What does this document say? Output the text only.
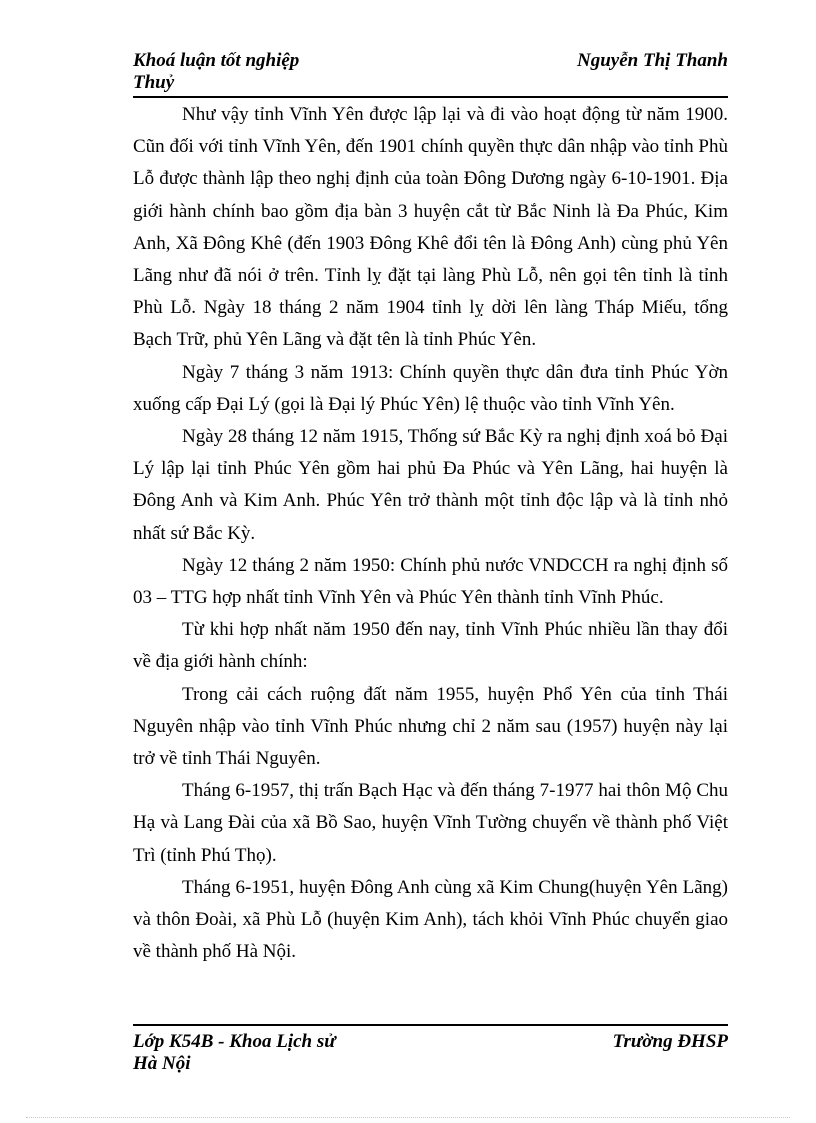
Khoá luận tốt nghiệp
Thuỷ
Nguyễn Thị Thanh

Như vậy tỉnh Vĩnh Yên được lập lại và đi vào hoạt động từ năm 1900. Cũn đối với tỉnh Vĩnh Yên, đến 1901 chính quyền thực dân nhập vào tỉnh Phù Lỗ được thành lập theo nghị định của toàn Đông Dương ngày 6-10-1901. Địa giới hành chính bao gồm địa bàn 3 huyện cắt từ Bắc Ninh là Đa Phúc, Kim Anh, Xã Đông Khê (đến 1903 Đông Khê đổi tên là Đông Anh) cùng phủ Yên Lãng như đã nói ở trên. Tỉnh lỵ đặt tại làng Phù Lỗ, nên gọi tên tỉnh là tỉnh Phù Lỗ. Ngày 18 tháng 2 năm 1904 tỉnh lỵ dời lên làng Tháp Miếu, tổng Bạch Trữ, phủ Yên Lãng và đặt tên là tỉnh Phúc Yên.

Ngày 7 tháng 3 năm 1913: Chính quyền thực dân đưa tỉnh Phúc Yờn xuống cấp Đại Lý (gọi là Đại lý Phúc Yên) lệ thuộc vào tỉnh Vĩnh Yên.

Ngày 28 tháng 12 năm 1915, Thống sứ Bắc Kỳ ra nghị định xoá bỏ Đại Lý lập lại tỉnh Phúc Yên gồm hai phủ Đa Phúc và Yên Lãng, hai huyện là Đông Anh và Kim Anh. Phúc Yên trở thành một tỉnh độc lập và là tỉnh nhỏ nhất sứ Bắc Kỳ.

Ngày 12 tháng 2 năm 1950: Chính phủ nước VNDCCH ra nghị định số 03 – TTG hợp nhất tỉnh Vĩnh Yên và Phúc Yên thành tỉnh Vĩnh Phúc.

Từ khi hợp nhất năm 1950 đến nay, tỉnh Vĩnh Phúc nhiều lần thay đổi về địa giới hành chính:

Trong cải cách ruộng đất năm 1955, huyện Phổ Yên của tỉnh Thái Nguyên nhập vào tỉnh Vĩnh Phúc nhưng chỉ 2 năm sau (1957) huyện này lại trở về tỉnh Thái Nguyên.

Tháng 6-1957, thị trấn Bạch Hạc và đến tháng 7-1977 hai thôn Mộ Chu Hạ và Lang Đài của xã Bồ Sao, huyện Vĩnh Tường chuyển về thành phố Việt Trì (tỉnh Phú Thọ).

Tháng 6-1951, huyện Đông Anh cùng xã Kim Chung(huyện Yên Lãng) và thôn Đoài, xã Phù Lỗ (huyện Kim Anh), tách khỏi Vĩnh Phúc chuyển giao về thành phố Hà Nội.

Lớp K54B - Khoa Lịch sử
Hà Nội
Trường ĐHSP
